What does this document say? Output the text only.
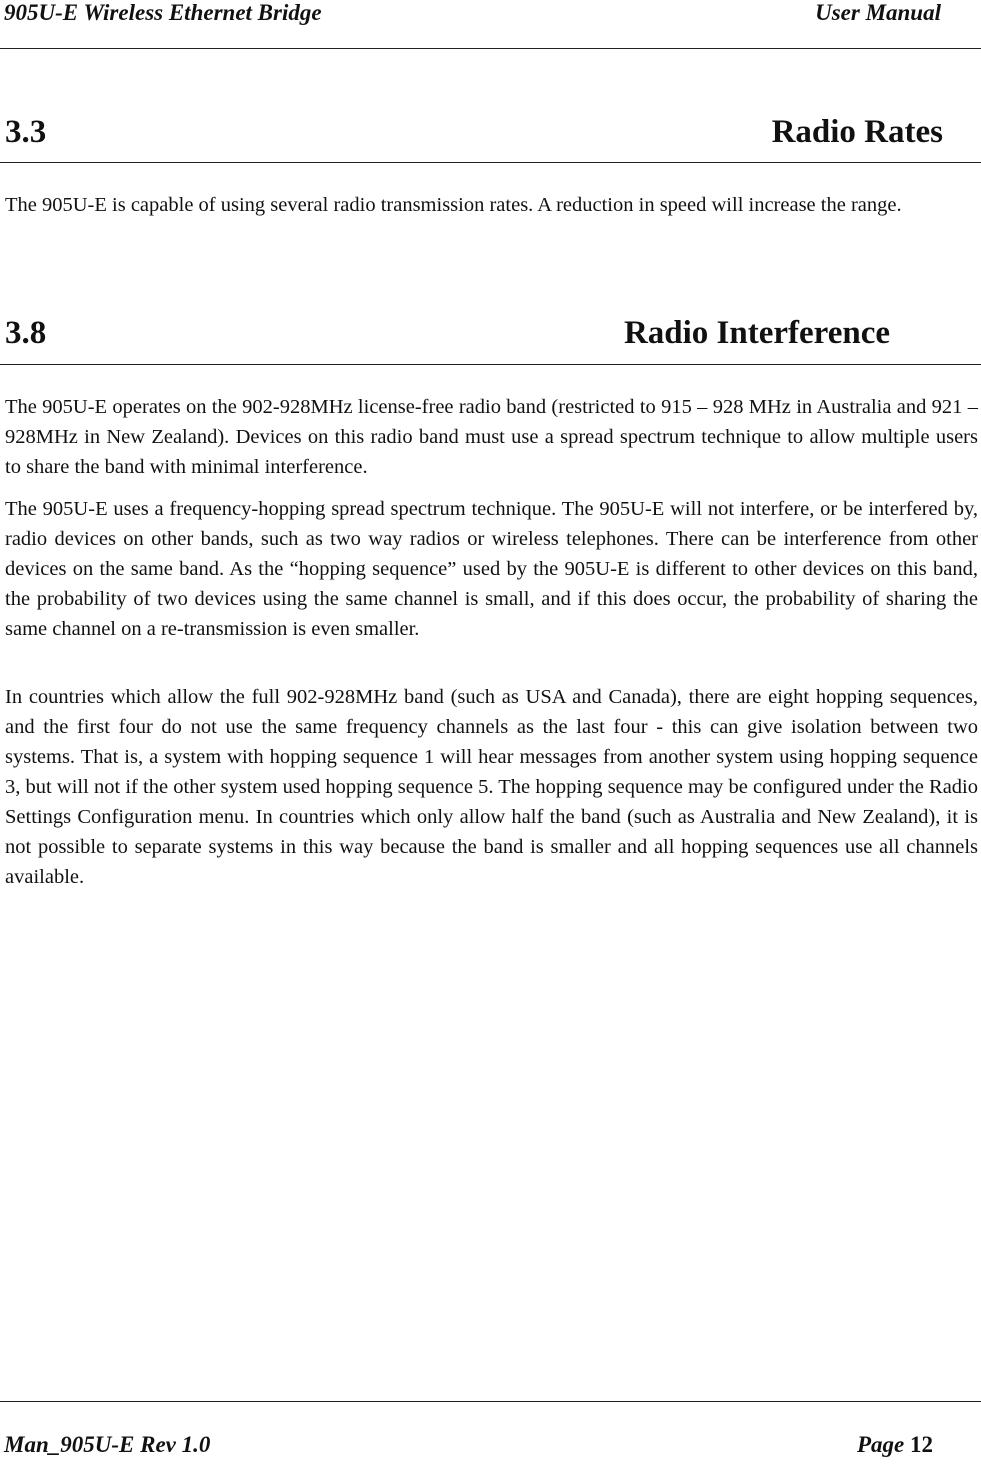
905U-E Wireless Ethernet Bridge	User Manual
3.3	Radio Rates

The 905U-E is capable of using several radio transmission rates. A reduction in speed will increase the range.

3.8	Radio Interference

The 905U-E operates on the 902-928MHz license-free radio band (restricted to 915 – 928 MHz in Australia and 921 – 928MHz in New Zealand). Devices on this radio band must use a spread spectrum technique to allow multiple users to share the band with minimal interference.

The 905U-E uses a frequency-hopping spread spectrum technique. The 905U-E will not interfere, or be interfered by, radio devices on other bands, such as two way radios or wireless telephones. There can be interference from other devices on the same band. As the “hopping sequence” used by the 905U-E is different to other devices on this band, the probability of two devices using the same channel is small, and if this does occur, the probability of sharing the same channel on a re-transmission is even smaller.

In countries which allow the full 902-928MHz band (such as USA and Canada), there are eight hopping sequences, and the first four do not use the same frequency channels as the last four - this can give isolation between two systems. That is, a system with hopping sequence 1 will hear messages from another system using hopping sequence 3, but will not if the other system used hopping sequence 5. The hopping sequence may be configured under the Radio Settings Configuration menu. In countries which only allow half the band (such as Australia and New Zealand), it is not possible to separate systems in this way because the band is smaller and all hopping sequences use all channels available.

Man_905U-E Rev 1.0	Page 12
